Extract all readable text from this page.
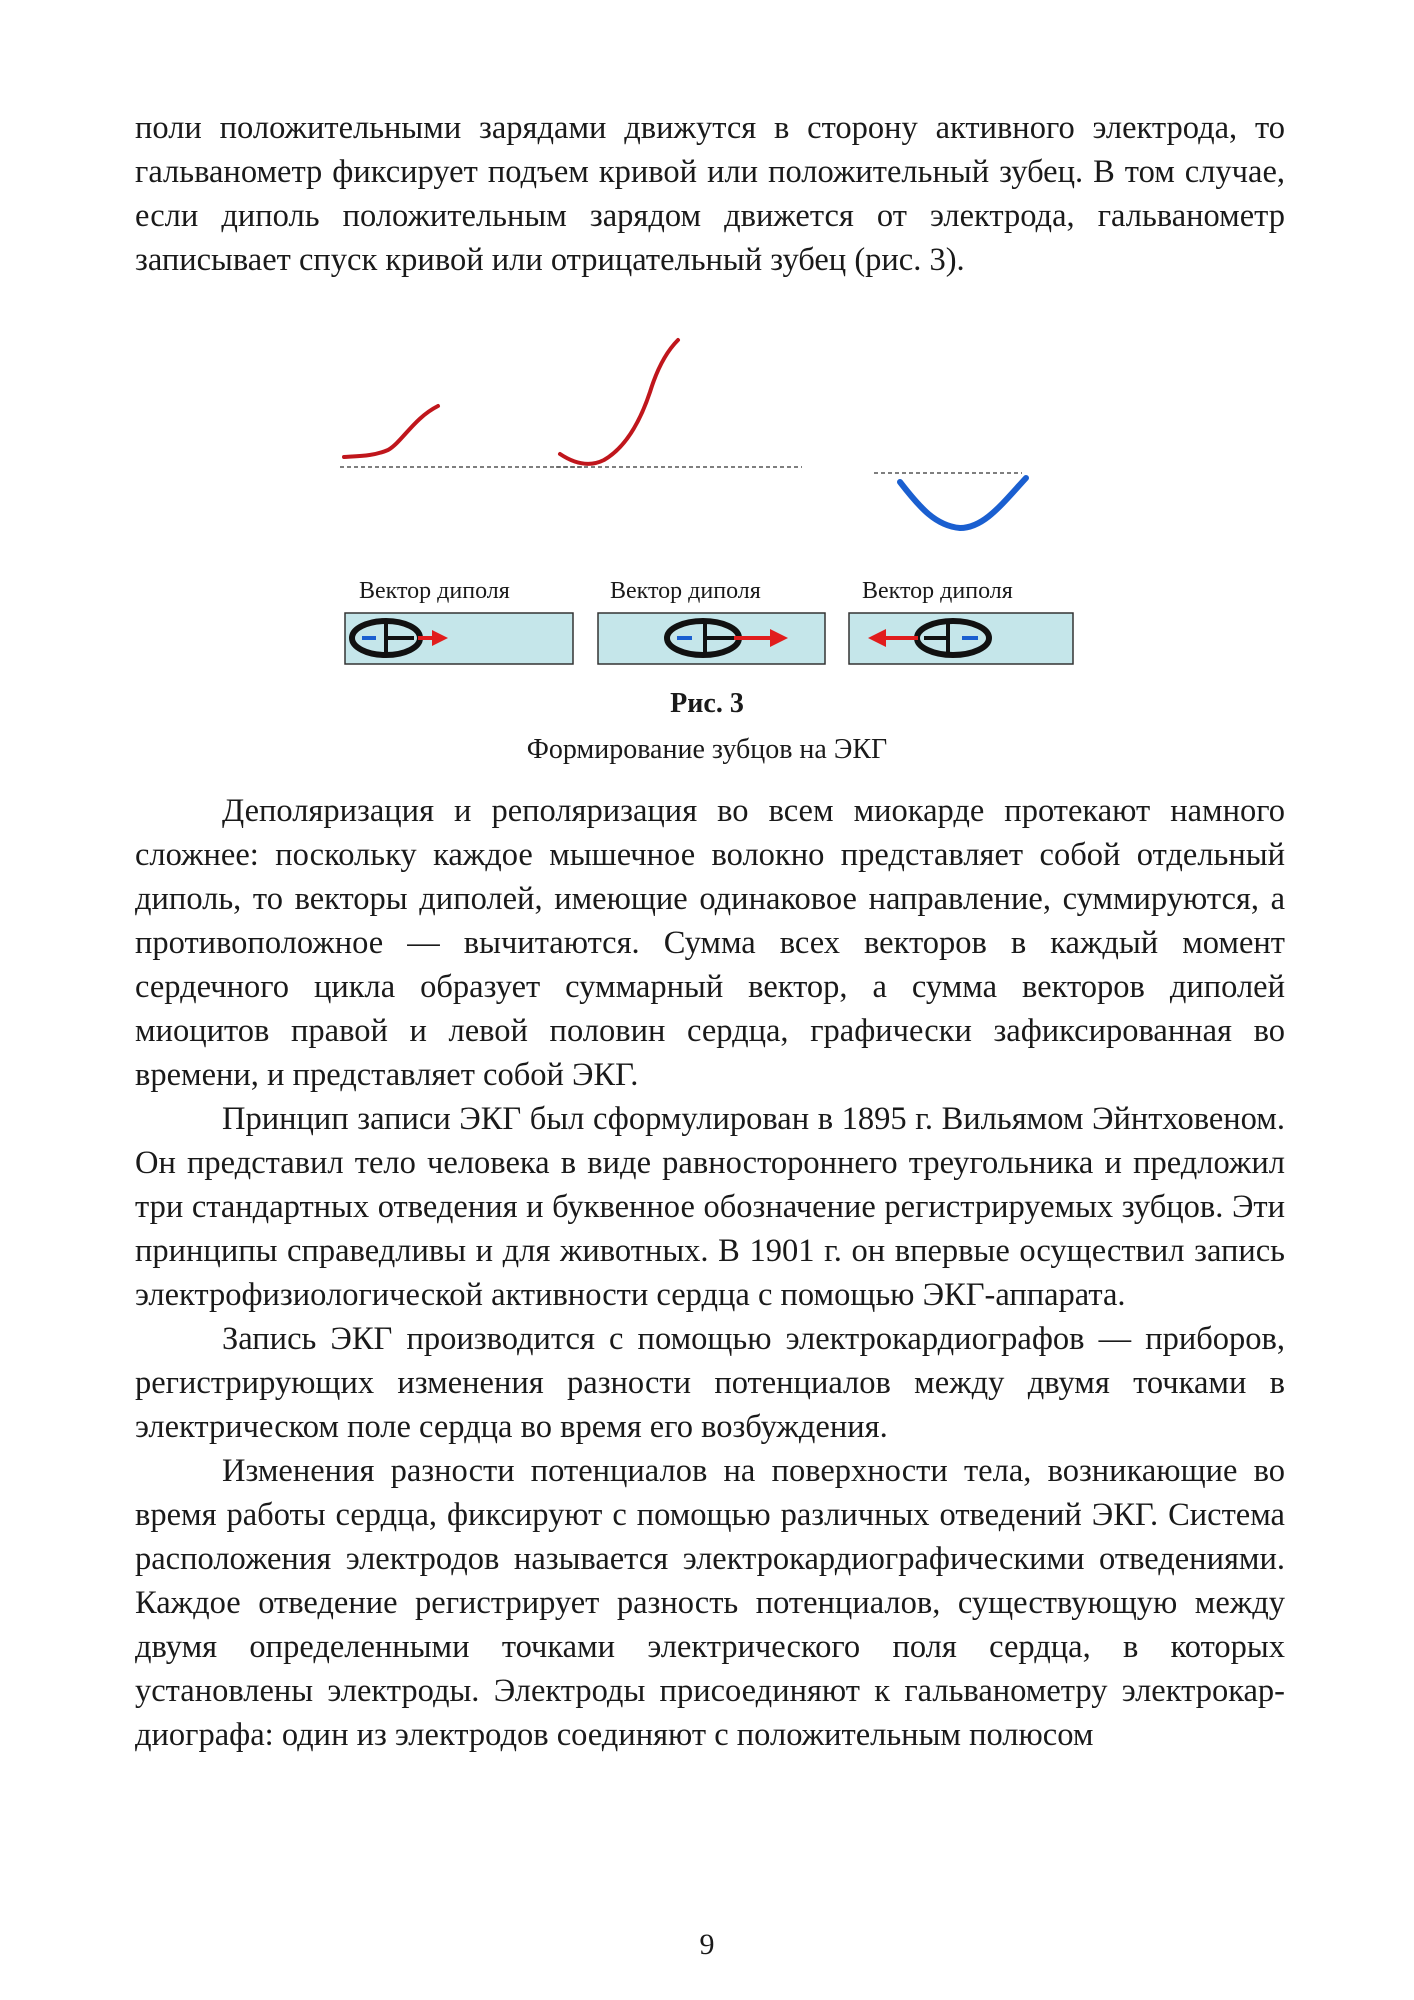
поли положительными зарядами движутся в сторону активного электрода, то гальванометр фиксирует подъем кривой или положительный зубец. В том случае, если диполь положительным зарядом движется от электрода, гальванометр записывает спуск кривой или отрицательный зубец (рис. 3).

Вектор диполя	Вектор диполя	Вектор диполя
Рис. 3
Формирование зубцов на ЭКГ

Деполяризация и реполяризация во всем миокарде протекают намного сложнее: поскольку каждое мышечное волокно представляет собой отдельный диполь, то векторы диполей, имеющие одинаковое направление, суммируются, а противоположное — вычитаются. Сумма всех векторов в каждый момент сердечного цикла образует суммарный вектор, а сумма векторов диполей миоцитов правой и левой половин сердца, графически зафиксированная во времени, и представляет собой ЭКГ.

Принцип записи ЭКГ был сформулирован в 1895 г. Вильямом Эйнтховеном. Он представил тело человека в виде равностороннего треугольника и предложил три стандартных отведения и буквенное обозначение регистрируемых зубцов. Эти принципы справедливы и для животных. В 1901 г. он впервые осуществил запись электрофизиологической активности сердца с помощью ЭКГ-аппарата.

Запись ЭКГ производится с помощью электрокардиографов — приборов, регистрирующих изменения разности потенциалов между двумя точками в электрическом поле сердца во время его возбуждения.

Изменения разности потенциалов на поверхности тела, возникающие во время работы сердца, фиксируют с помощью различных отведений ЭКГ. Система расположения электродов называется электрокардиографическими отведениями. Каждое отведение регистрирует разность потенциалов, существующую между двумя определенными точками электрического поля сердца, в которых установлены электроды. Электроды присоединяют к гальванометру электрокардиографа: один из электродов соединяют с положительным полюсом

9
